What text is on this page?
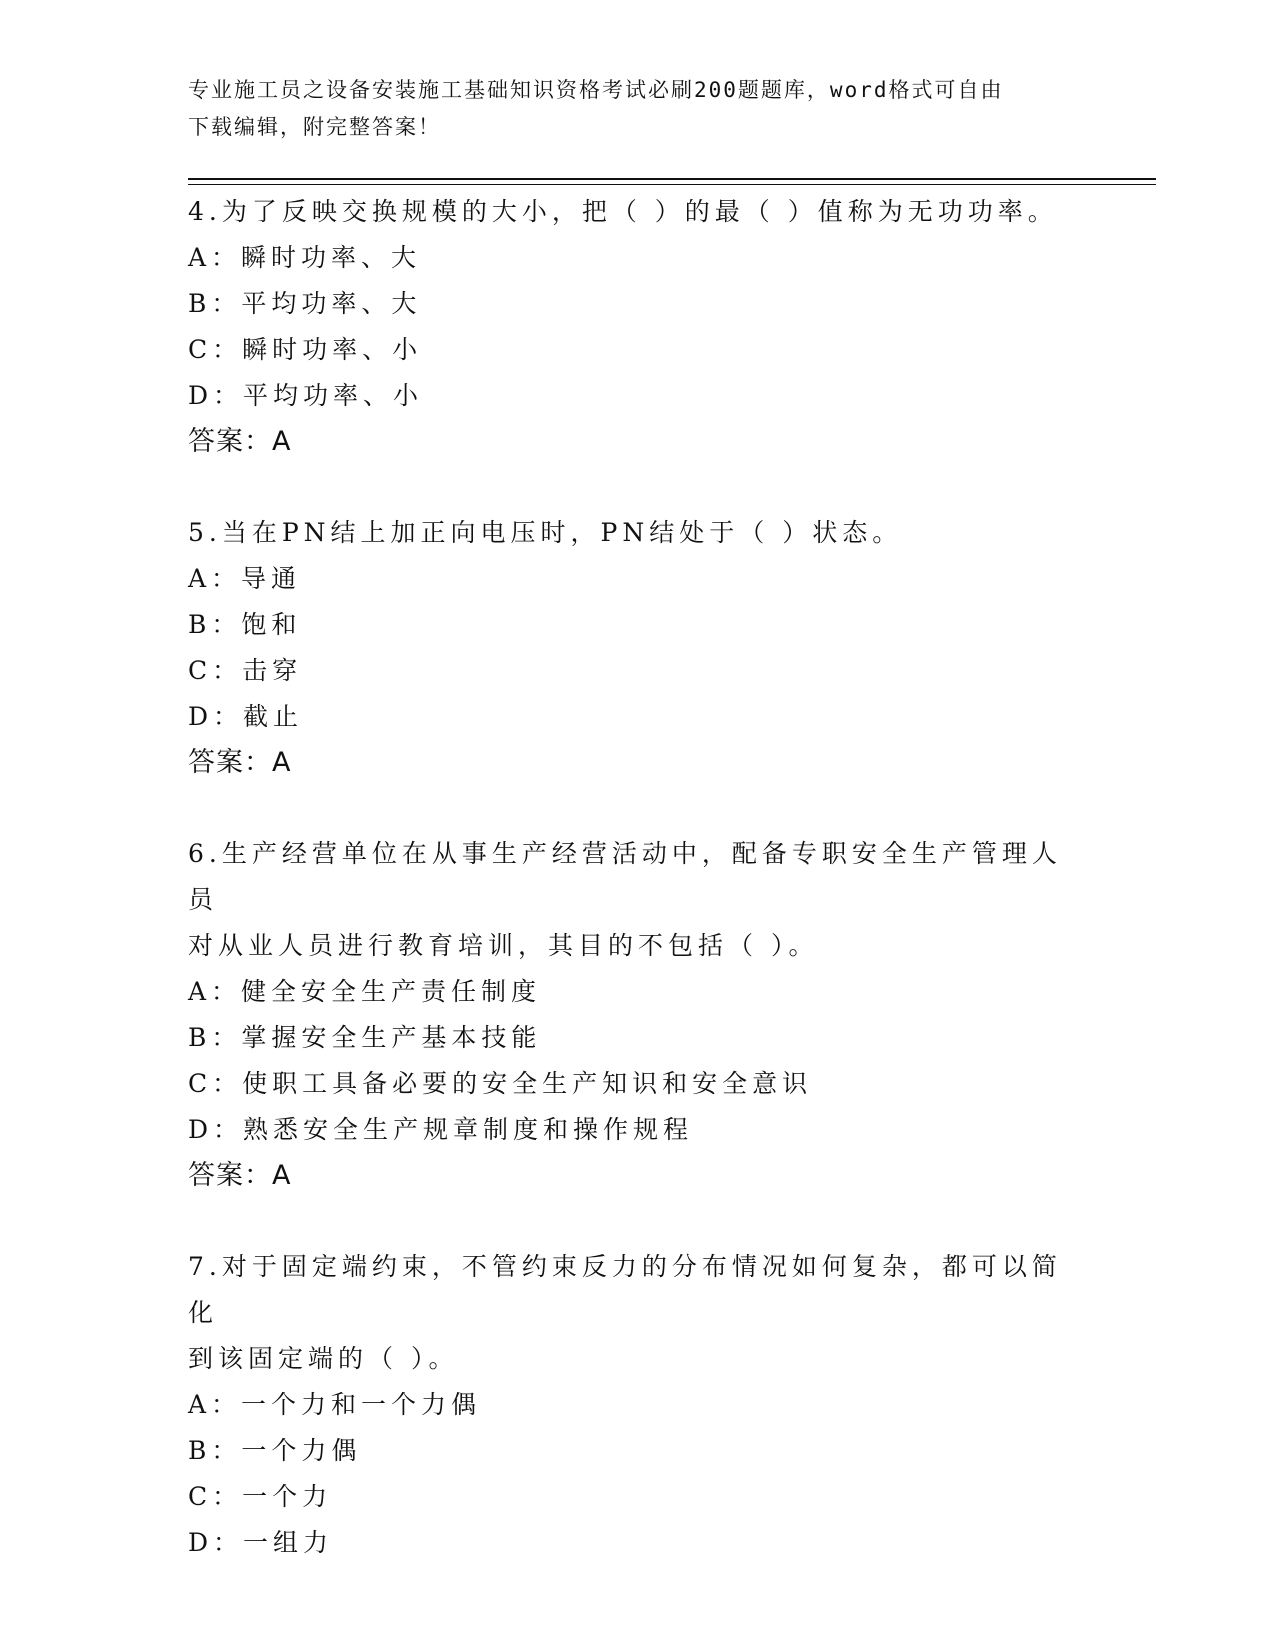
专业施工员之设备安装施工基础知识资格考试必刷200题题库，word格式可自由
下载编辑，附完整答案！

4.为了反映交换规模的大小，把（ ）的最（ ）值称为无功功率。

A：瞬时功率、大

B：平均功率、大

C：瞬时功率、小

D：平均功率、小

答案：A

5.当在PN结上加正向电压时，PN结处于（ ）状态。

A：导通

B：饱和

C：击穿

D：截止

答案：A

6.生产经营单位在从事生产经营活动中，配备专职安全生产管理人员

对从业人员进行教育培训，其目的不包括（ ）。

A：健全安全生产责任制度

B：掌握安全生产基本技能

C：使职工具备必要的安全生产知识和安全意识

D：熟悉安全生产规章制度和操作规程

答案：A

7.对于固定端约束，不管约束反力的分布情况如何复杂，都可以简化

到该固定端的（ ）。

A：一个力和一个力偶

B：一个力偶

C：一个力

D：一组力
